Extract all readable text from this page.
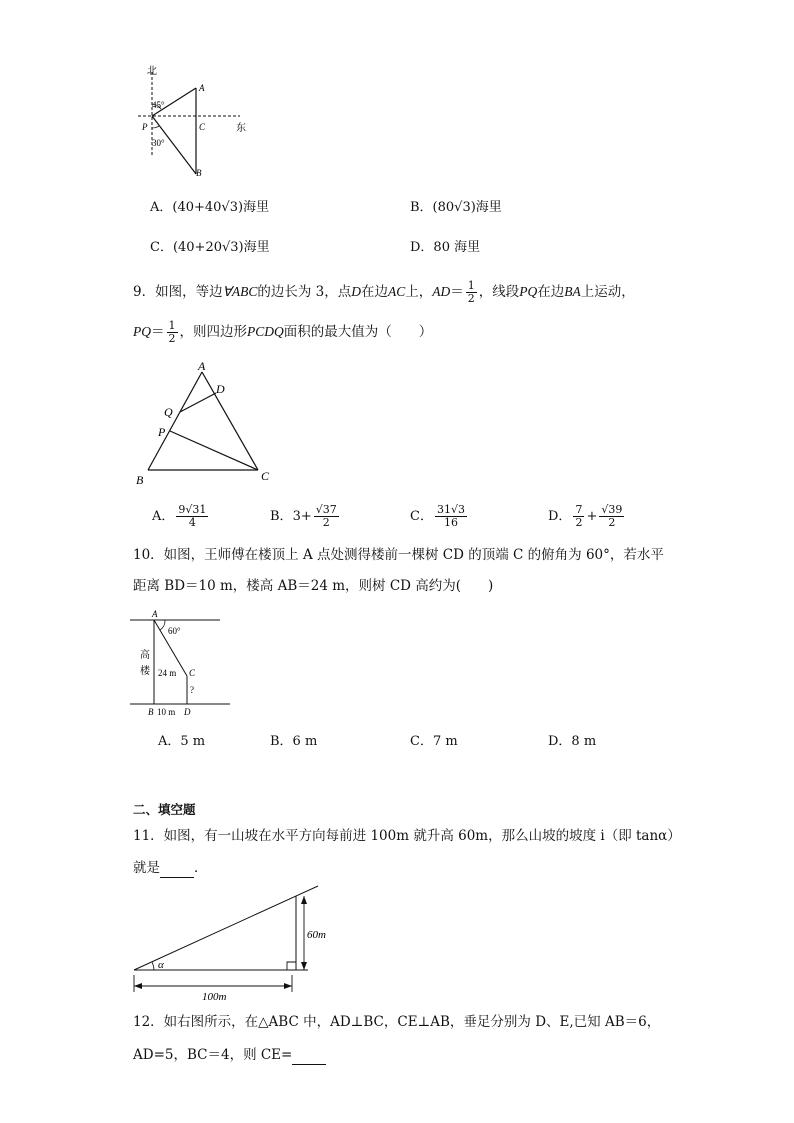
北
东
A
P	C
B
45°
30°
A．(40+40√3)海里	B．(80√3)海里
C．(40+20√3)海里	D．80 海里
9．如图，等边∀ABC的边长为 3，点D在边AC上，$AD= \frac{1}{2}$ ，线段PQ在边BA上运动，
$PQ= \frac{1}{2}$ ，则四边形PCDQ面积的最大值为（　　）
A
D
Q
P
B	C
A． $\frac{9√31}{4}$	B．$3+ \frac{√37}{2}$	C． $\frac{31√3}{16}$	D． $\frac{7}{2} + \frac{√39}{2}$
10．如图，王师傅在楼顶上 A 点处测得楼前一棵树 CD 的顶端 C 的俯角为 60°，若水平
距离 BD＝10 m，楼高 AB＝24 m，则树 CD 高约为(　　)
A
60°
高
楼 24 m C
?
B 10 m D
A．5 m	B．6 m	C．7 m	D．8 m
二、填空题
11．如图，有一山坡在水平方向每前进 100m 就升高 60m，那么山坡的坡度 i（即 tanα）
就是	．
α
60m
100m
12．如右图所示，在△ABC 中，AD⊥BC，CE⊥AB，垂足分别为 D、E,已知 AB＝6，
AD=5，BC＝4，则 CE=
